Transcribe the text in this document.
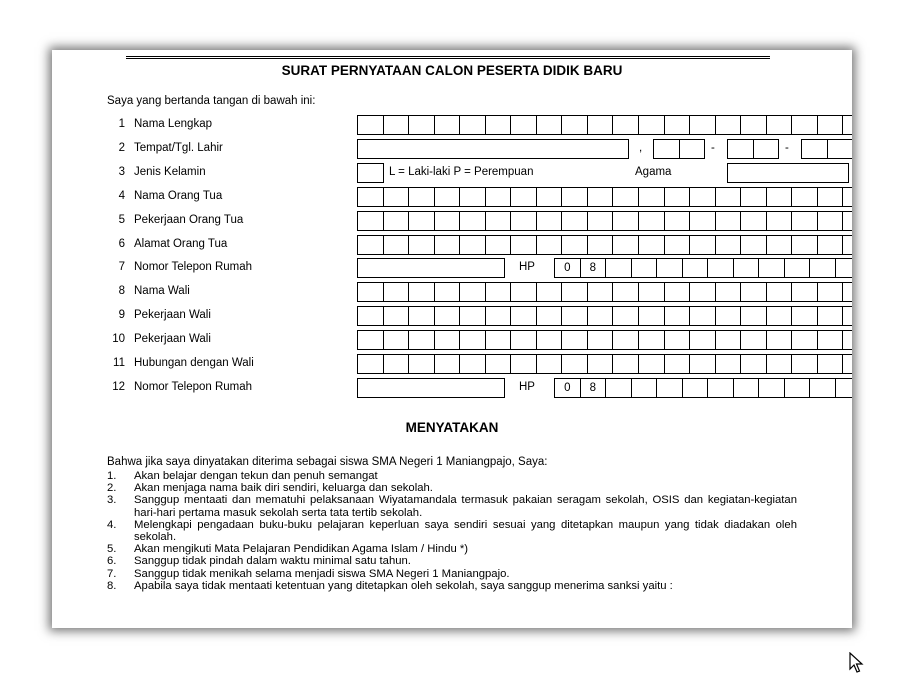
SURAT PERNYATAAN CALON PESERTA DIDIK BARU
Saya yang bertanda tangan di bawah ini:
1 Nama Lengkap
2 Tempat/Tgl. Lahir	,	-	-
3 Jenis Kelamin	L = Laki-laki P = Perempuan	Agama
4 Nama Orang Tua
5 Pekerjaan Orang Tua
6 Alamat Orang Tua
7 Nomor Telepon Rumah	HP	0	8
8 Nama Wali
9 Pekerjaan Wali
10 Pekerjaan Wali
11 Hubungan dengan Wali
12 Nomor Telepon Rumah	HP	0	8
MENYATAKAN
Bahwa jika saya dinyatakan diterima sebagai siswa SMA Negeri 1 Maniangpajo, Saya:
1.	Akan belajar dengan tekun dan penuh semangat
2.	Akan menjaga nama baik diri sendiri, keluarga dan sekolah.
3.	Sanggup mentaati dan mematuhi pelaksanaan Wiyatamandala termasuk pakaian seragam sekolah, OSIS dan kegiatan-kegiatan hari-hari pertama masuk sekolah serta tata tertib sekolah.
4.	Melengkapi pengadaan buku-buku pelajaran keperluan saya sendiri sesuai yang ditetapkan maupun yang tidak diadakan oleh sekolah.
5.	Akan mengikuti Mata Pelajaran Pendidikan Agama Islam / Hindu *)
6.	Sanggup tidak pindah dalam waktu minimal satu tahun.
7.	Sanggup tidak menikah selama menjadi siswa SMA Negeri 1 Maniangpajo.
8.	Apabila saya tidak mentaati ketentuan yang ditetapkan oleh sekolah, saya sanggup menerima sanksi yaitu :
